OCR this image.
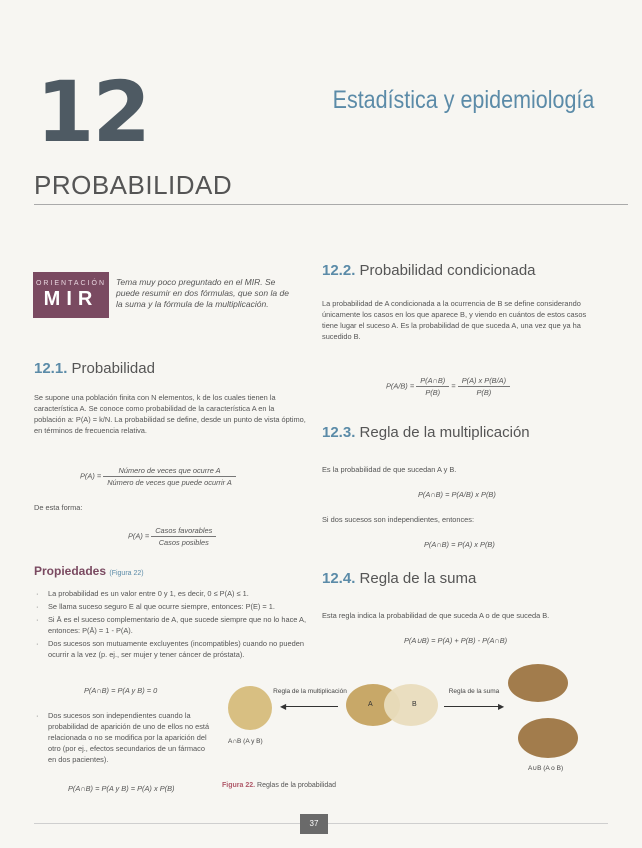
12	Estadística y epidemiología
PROBABILIDAD
ORIENTACIÓN
MIR
Tema muy poco preguntado en el MIR. Se puede resumir en dos fórmulas, que son la de la suma y la fórmula de la multiplicación.
12.1. Probabilidad
Se supone una población finita con N elementos, k de los cuales tienen la característica A. Se conoce como probabilidad de la característica A en la población a: P(A) = k/N. La probabilidad se define, desde un punto de vista óptimo, en términos de frecuencia relativa.
$P(A) = \frac{\text{Número de veces que ocurre A}}{\text{Número de veces que puede ocurrir A}}$
De esta forma:
$P(A) = \frac{\text{Casos favorables}}{\text{Casos posibles}}$
Propiedades (Figura 22)
· La probabilidad es un valor entre 0 y 1, es decir, 0 ≤ P(A) ≤ 1.
· Se llama suceso seguro E al que ocurre siempre, entonces: P(E) = 1.
· Si Ā es el suceso complementario de A, que sucede siempre que no lo hace A, entonces: P(Ā) = 1 - P(A).
· Dos sucesos son mutuamente excluyentes (incompatibles) cuando no pueden ocurrir a la vez (p. ej., ser mujer y tener cáncer de próstata).
P(A∩B) = P(A y B) = 0
· Dos sucesos son independientes cuando la probabilidad de aparición de uno de ellos no está relacionada o no se modifica por la aparición del otro (por ej., efectos secundarios de un fármaco en dos pacientes).
P(A∩B) = P(A y B) = P(A) x P(B)
12.2. Probabilidad condicionada
La probabilidad de A condicionada a la ocurrencia de B se define considerando únicamente los casos en los que aparece B, y viendo en cuántos de estos casos tiene lugar el suceso A. Es la probabilidad de que suceda A, una vez que ya ha sucedido B.
$P(A/B) = \frac{P(A\cap B)}{P(B)} = \frac{\text{P(A) x P(B/A)}}{P(B)}$
12.3. Regla de la multiplicación
Es la probabilidad de que sucedan A y B.
P(A∩B) = P(A/B) x P(B)
Si dos sucesos son independientes, entonces:
P(A∩B) = P(A) x P(B)
12.4. Regla de la suma
Esta regla indica la probabilidad de que suceda A o de que suceda B.
P(A∪B) = P(A) + P(B) - P(A∩B)
A∩B (A y B)
◀
Regla de la multiplicación
A	B	▶
Regla de la suma
A∪B (A o B)
Figura 22. Reglas de la probabilidad
37
